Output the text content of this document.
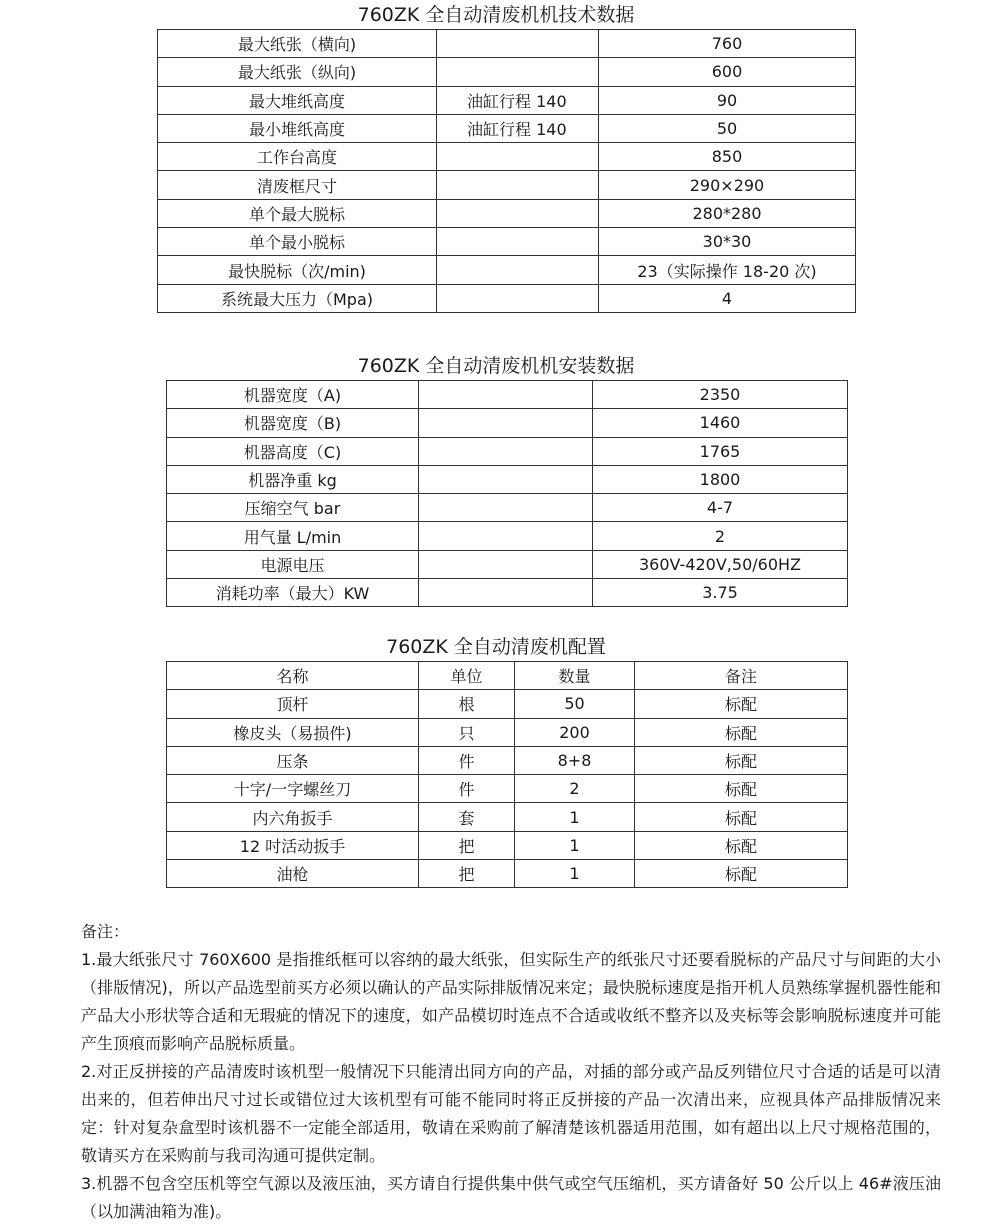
760ZK 全自动清废机机技术数据
最大纸张（横向)		760
最大纸张（纵向)		600
最大堆纸高度	油缸行程 140	90
最小堆纸高度	油缸行程 140	50
工作台高度		850
清废框尺寸		290×290
单个最大脱标		280*280
单个最小脱标		30*30
最快脱标（次/min)		23（实际操作 18-20 次)
系统最大压力（Mpa)		4
760ZK 全自动清废机机安装数据
机器宽度（A)		2350
机器宽度（B)		1460
机器高度（C)		1765
机器净重 kg		1800
压缩空气 bar		4-7
用气量 L/min		2
电源电压		360V-420V,50/60HZ
消耗功率（最大）KW		3.75
760ZK 全自动清废机配置
名称	单位	数量	备注
顶杆	根	50	标配
橡皮头（易损件)	只	200	标配
压条	件	8+8	标配
十字/一字螺丝刀	件	2	标配
内六角扳手	套	1	标配
12 吋活动扳手	把	1	标配
油枪	把	1	标配

备注：

1.最大纸张尺寸 760X600 是指推纸框可以容纳的最大纸张，但实际生产的纸张尺寸还要看脱标的产品尺寸与间距的大小（排版情况)，所以产品选型前买方必须以确认的产品实际排版情况来定；最快脱标速度是指开机人员熟练掌握机器性能和产品大小形状等合适和无瑕疵的情况下的速度，如产品模切时连点不合适或收纸不整齐以及夹标等会影响脱标速度并可能产生顶痕而影响产品脱标质量。

2.对正反拼接的产品清废时该机型一般情况下只能清出同方向的产品，对插的部分或产品反列错位尺寸合适的话是可以清出来的，但若伸出尺寸过长或错位过大该机型有可能不能同时将正反拼接的产品一次清出来，应视具体产品排版情况来定：针对复杂盒型时该机器不一定能全部适用，敬请在采购前了解清楚该机器适用范围，如有超出以上尺寸规格范围的，敬请买方在采购前与我司沟通可提供定制。

3.机器不包含空压机等空气源以及液压油，买方请自行提供集中供气或空气压缩机，买方请备好 50 公斤以上 46#液压油（以加满油箱为准)。
